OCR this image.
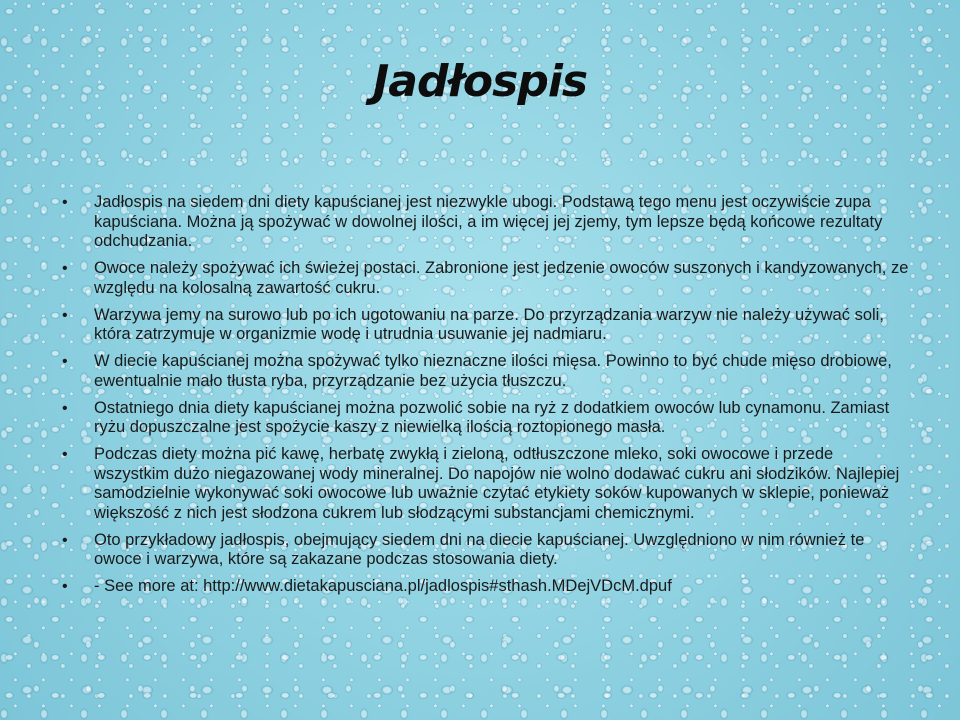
Jadłospis
• Jadłospis na siedem dni diety kapuścianej jest niezwykle ubogi. Podstawą tego menu jest oczywiście zupa kapuściana. Można ją spożywać w dowolnej ilości, a im więcej jej zjemy, tym lepsze będą końcowe rezultaty odchudzania.
• Owoce należy spożywać ich świeżej postaci. Zabronione jest jedzenie owoców suszonych i kandyzowanych, ze względu na kolosalną zawartość cukru.
• Warzywa jemy na surowo lub po ich ugotowaniu na parze. Do przyrządzania warzyw nie należy używać soli, która zatrzymuje w organizmie wodę i utrudnia usuwanie jej nadmiaru.
• W diecie kapuścianej można spożywać tylko nieznaczne ilości mięsa. Powinno to być chude mięso drobiowe, ewentualnie mało tłusta ryba, przyrządzanie bez użycia tłuszczu.
• Ostatniego dnia diety kapuścianej można pozwolić sobie na ryż z dodatkiem owoców lub cynamonu. Zamiast ryżu dopuszczalne jest spożycie kaszy z niewielką ilością roztopionego masła.
• Podczas diety można pić kawę, herbatę zwykłą i zieloną, odtłuszczone mleko, soki owocowe i przede wszystkim dużo niegazowanej wody mineralnej. Do napojów nie wolno dodawać cukru ani słodzików. Najlepiej samodzielnie wykonywać soki owocowe lub uważnie czytać etykiety soków kupowanych w sklepie, ponieważ większość z nich jest słodzona cukrem lub słodzącymi substancjami chemicznymi.
• Oto przykładowy jadłospis, obejmujący siedem dni na diecie kapuścianej. Uwzględniono w nim również te owoce i warzywa, które są zakazane podczas stosowania diety.
• - See more at: http://www.dietakapusciana.pl/jadlospis#sthash.MDejVDcM.dpuf
